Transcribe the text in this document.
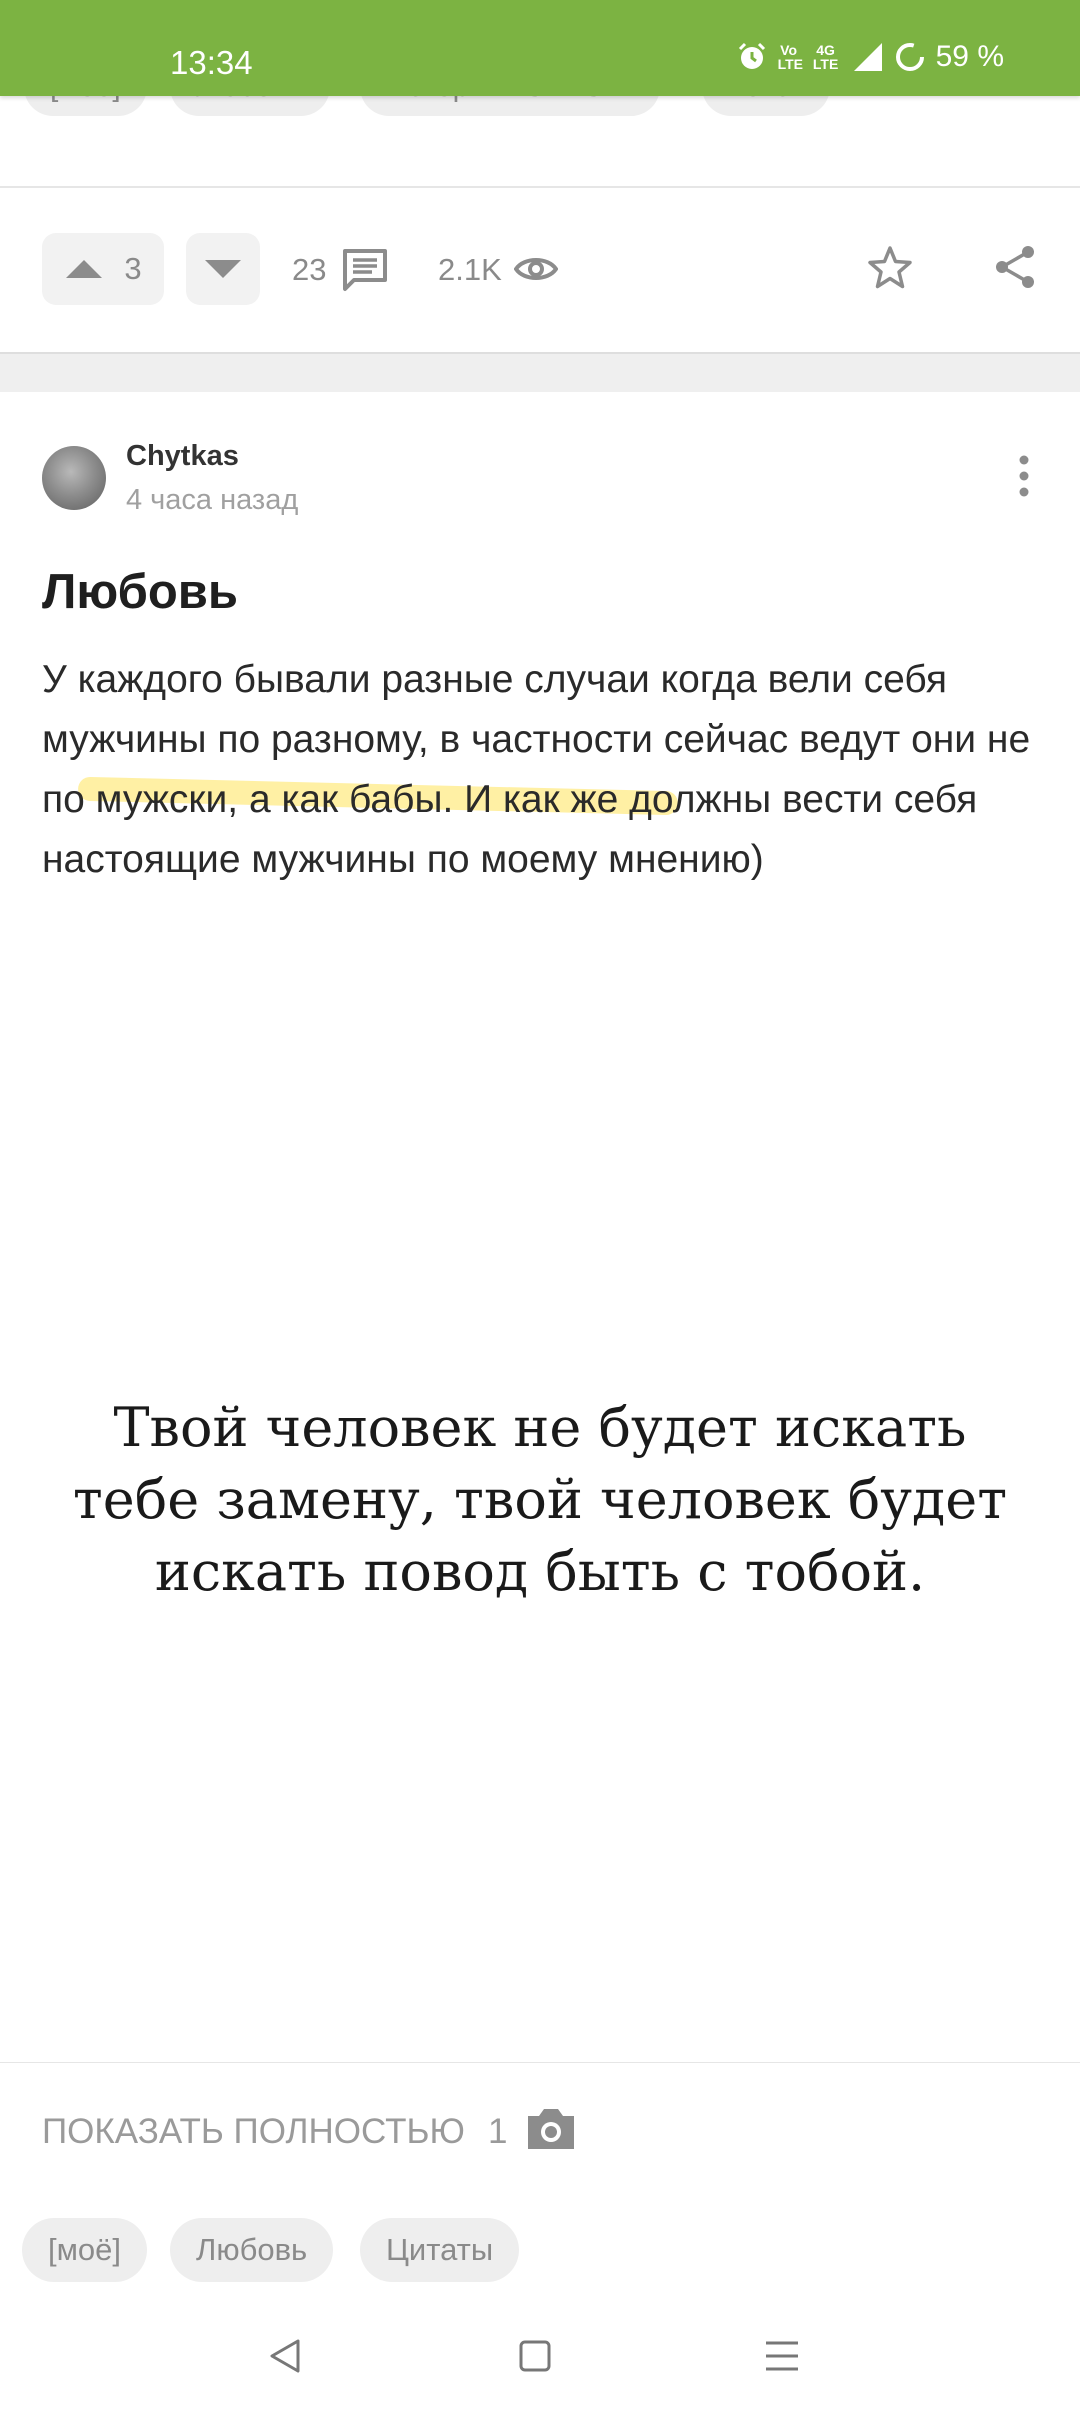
13:34	Vo LTE
4G LTE	59 %
3	23	2.1K
Chytkas
4 часа назад
Любовь
У каждого бывали разные случаи когда вели себя мужчины по разному, в частности сейчас ведут они не по мужски, а как бабы. И как же должны вести себя настоящие мужчины по моему мнению)
Твой человек не будет искать
тебе замену, твой человек будет
искать повод быть с тобой.
ПОКАЗАТЬ ПОЛНОСТЬЮ 1
[моё]	Любовь	Цитаты
